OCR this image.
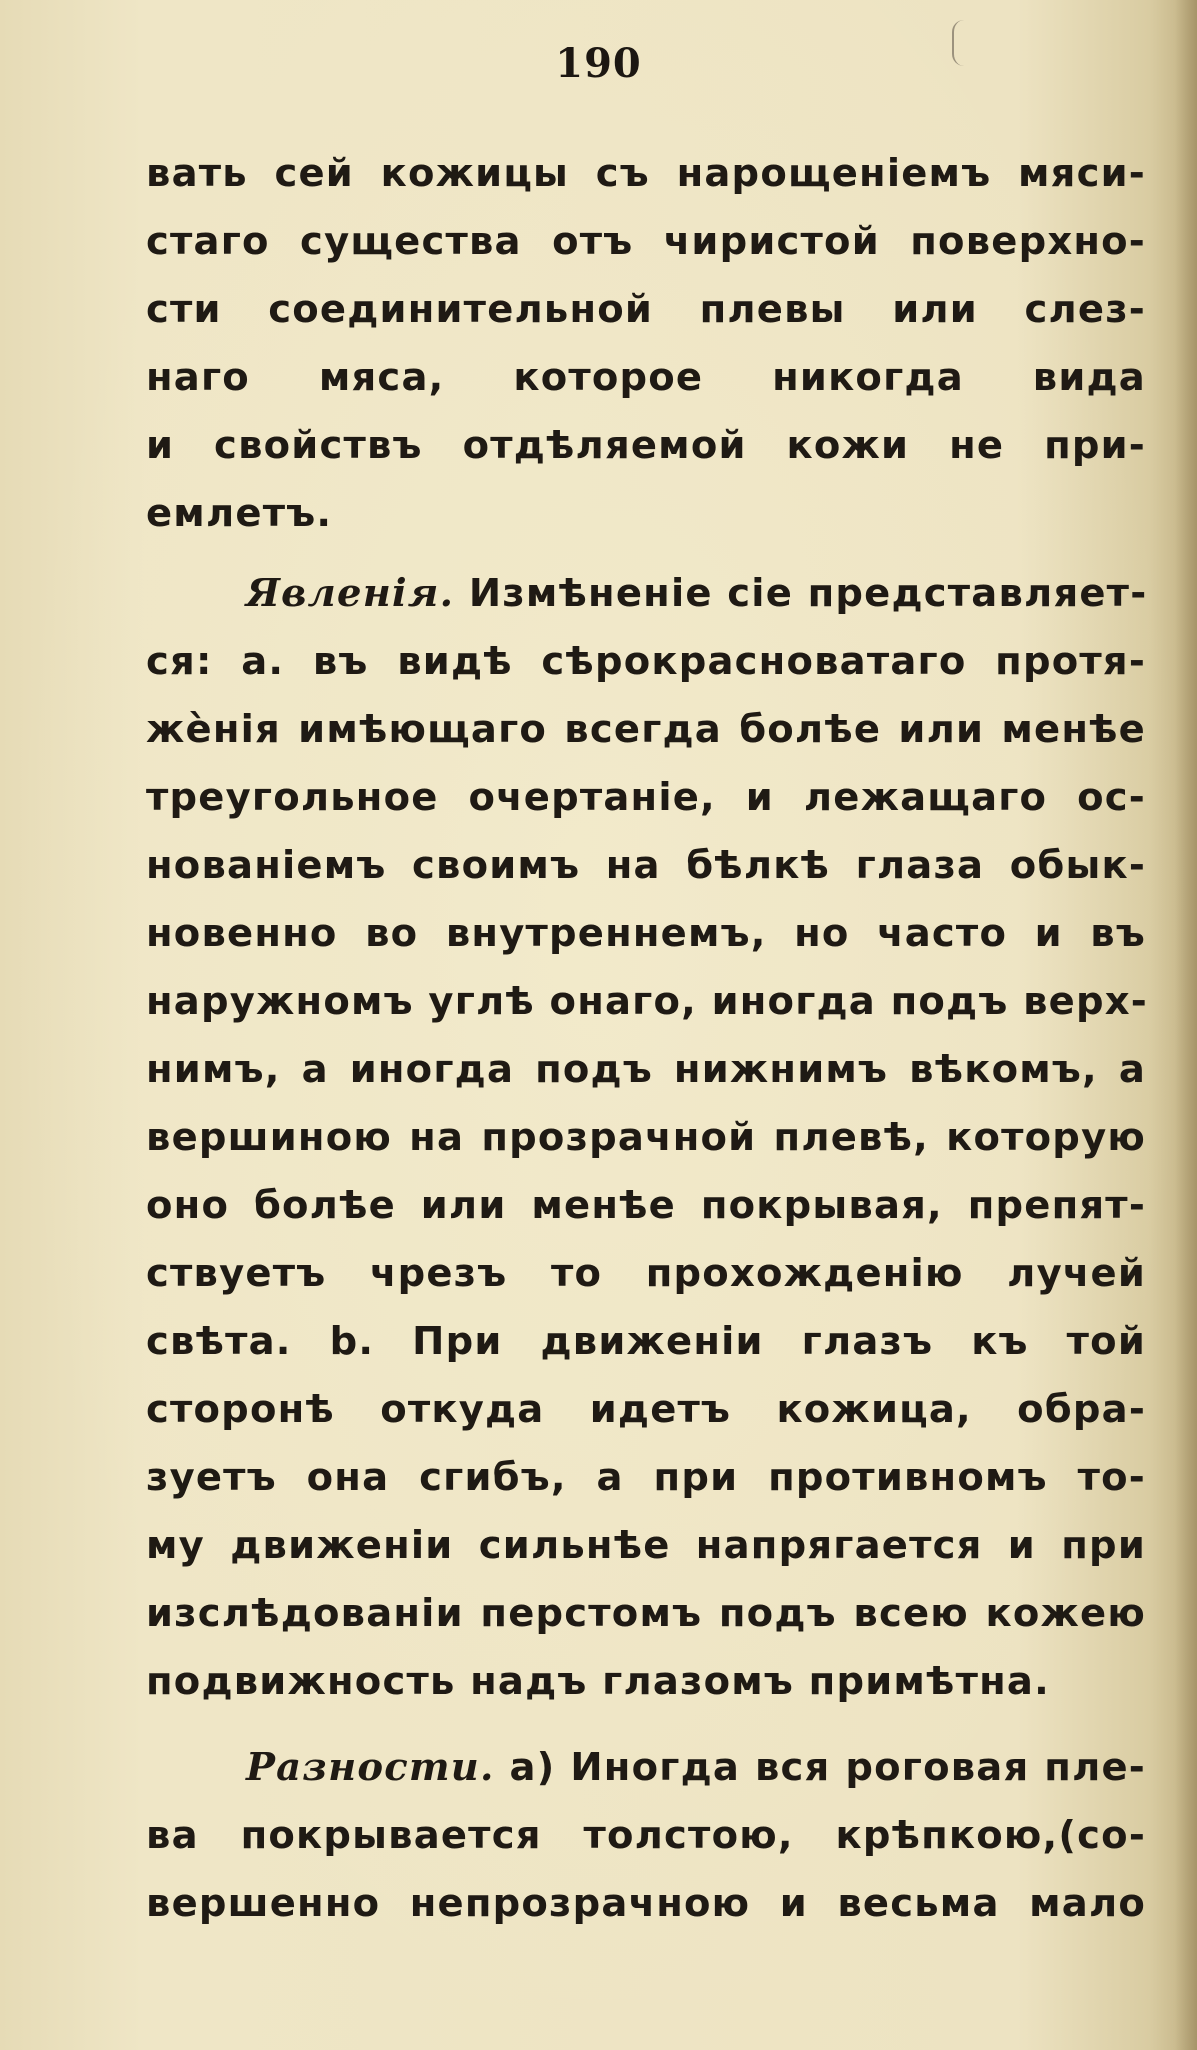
190
вать сей кожицы съ нарощеніемъ мяси-
стаго существа отъ чиристой поверхно-
сти соединительной плевы или слез-
наго мяса, которое никогда вида
и свойствъ отдѣляемой кожи не при-
емлетъ.
Явленія. Измѣненіе сіе представляет-
ся: а. въ видѣ сѣрокрасноватаго протя-
жѐнія имѣющаго всегда болѣе или менѣе
треугольное очертаніе, и лежащаго ос-
нованіемъ своимъ на бѣлкѣ глаза обык-
новенно во внутреннемъ, но часто и въ
наружномъ углѣ онаго, иногда подъ верх-
нимъ, а иногда подъ нижнимъ вѣкомъ, а
вершиною на прозрачной плевѣ, которую
оно болѣе или менѣе покрывая, препят-
ствуетъ чрезъ то прохожденію лучей
свѣта. b. При движеніи глазъ къ той
сторонѣ откуда идетъ кожица, обра-
зуетъ она сгибъ, а при противномъ то-
му движеніи сильнѣе напрягается и при
изслѣдованіи перстомъ подъ всею кожею
подвижность надъ глазомъ примѣтна.
Разности. а) Иногда вся роговая пле-
ва покрывается толстою, крѣпкою,(со-
вершенно непрозрачною и весьма мало
